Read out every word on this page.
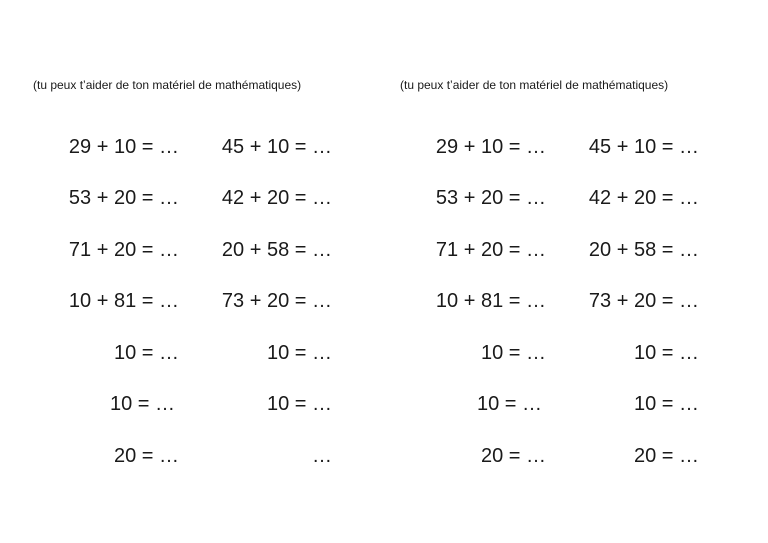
(tu peux t’aider de ton matériel de mathématiques)
29 + 10 = …
53 + 20 = …
71 + 20 = …
10 + 81 = …
10 = …
10 = …
20 = …
45 + 10 = …
42 + 20 = …
20 + 58 = …
73 + 20 = …
10 = …
10 = …
…
(tu peux t’aider de ton matériel de mathématiques)
29 + 10 = …
53 + 20 = …
71 + 20 = …
10 + 81 = …
10 = …
10 = …
20 = …
45 + 10 = …
42 + 20 = …
20 + 58 = …
73 + 20 = …
10 = …
10 = …
20 = …
